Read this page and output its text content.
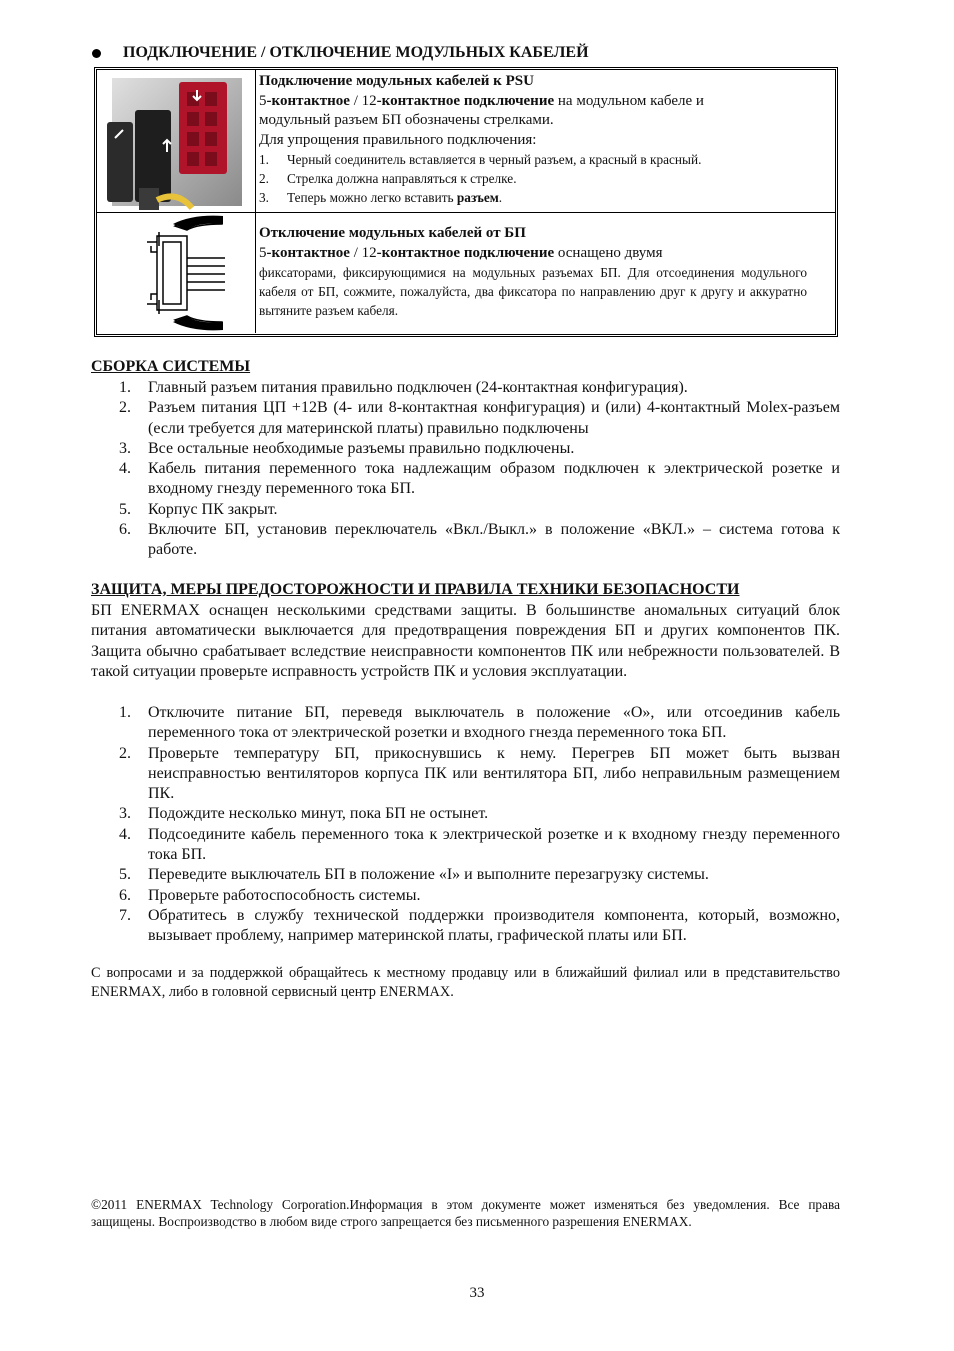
ПОДКЛЮЧЕНИЕ / ОТКЛЮЧЕНИЕ МОДУЛЬНЫХ КАБЕЛЕЙ
Подключение модульных кабелей к PSU
5-контактное / 12-контактное подключение на модульном кабеле и
модульный разъем БП обозначены стрелками.
Для упрощения правильного подключения:
1. Черный соединитель вставляется в черный разъем, а красный в красный.
2. Стрелка должна направляться к стрелке.
3. Теперь можно легко вставить разъем.
Отключение модульных кабелей от БП
5-контактное / 12-контактное подключение оснащено двумя
фиксаторами, фиксирующимися на модульных разъемах БП. Для отсоединения модульного кабеля от БП, сожмите, пожалуйста, два фиксатора по направлению друг к другу и аккуратно вытяните разъем кабеля.
СБОРКА СИСТЕМЫ
1. Главный разъем питания правильно подключен (24-контактная конфигурация).
2. Разъем питания ЦП +12В (4- или 8-контактная конфигурация) и (или) 4-контактный Molex-разъем (если требуется для материнской платы) правильно подключены
3. Все остальные необходимые разъемы правильно подключены.
4. Кабель питания переменного тока надлежащим образом подключен к электрической розетке и входному гнезду переменного тока БП.
5. Корпус ПК закрыт.
6. Включите БП, установив переключатель «Вкл./Выкл.» в положение «ВКЛ.» – система готова к работе.
ЗАЩИТА, МЕРЫ ПРЕДОСТОРОЖНОСТИ И ПРАВИЛА ТЕХНИКИ БЕЗОПАСНОСТИ
БП ENERMAX оснащен несколькими средствами защиты. В большинстве аномальных ситуаций блок питания автоматически выключается для предотвращения повреждения БП и других компонентов ПК. Защита обычно срабатывает вследствие неисправности компонентов ПК или небрежности пользователей. В такой ситуации проверьте исправность устройств ПК и условия эксплуатации.
1. Отключите питание БП, переведя выключатель в положение «O», или отсоединив кабель переменного тока от электрической розетки и входного гнезда переменного тока БП.
2. Проверьте температуру БП, прикоснувшись к нему. Перегрев БП может быть вызван неисправностью вентиляторов корпуса ПК или вентилятора БП, либо неправильным размещением ПК.
3. Подождите несколько минут, пока БП не остынет.
4. Подсоедините кабель переменного тока к электрической розетке и к входному гнезду переменного тока БП.
5. Переведите выключатель БП в положение «I» и выполните перезагрузку системы.
6. Проверьте работоспособность системы.
7. Обратитесь в службу технической поддержки производителя компонента, который, возможно, вызывает проблему, например материнской платы, графической платы или БП.
С вопросами и за поддержкой обращайтесь к местному продавцу или в ближайший филиал или в представительство ENERMAX, либо в головной сервисный центр ENERMAX.
©2011 ENERMAX Technology Corporation.Информация в этом документе может изменяться без уведомления. Все права защищены. Воспроизводство в любом виде строго запрещается без письменного разрешения ENERMAX.
33
